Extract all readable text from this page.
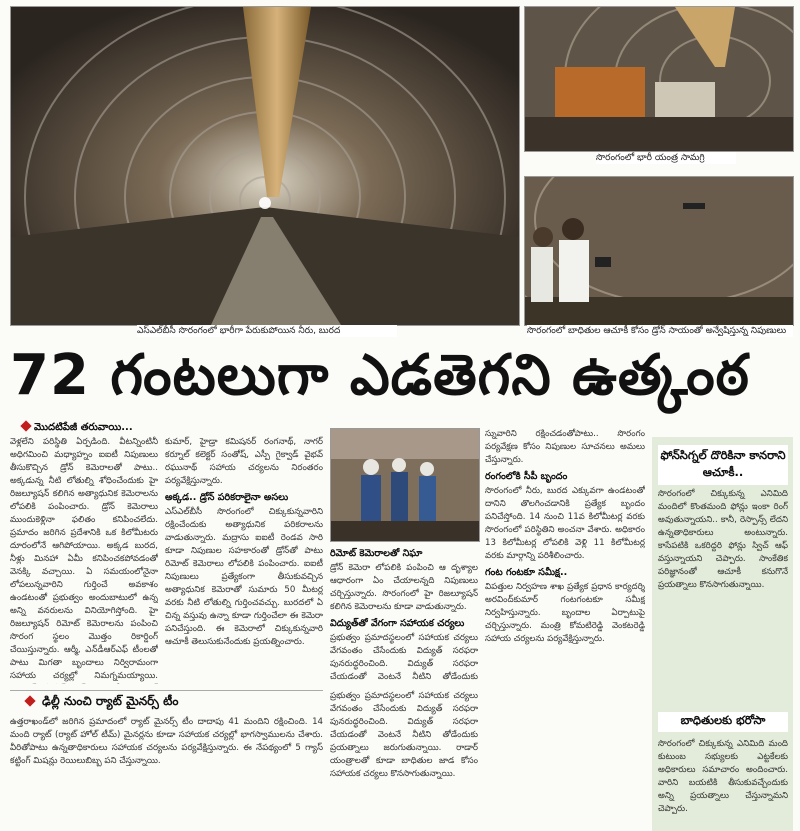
ఎస్‌ఎల్‌బీసీ సొరంగంలో భారీగా పేరుకుపోయిన నీరు, బురద
సొరంగంలో భారీ యంత్ర సామగ్రి
సొరంగంలో బాధితుల ఆచూకీ కోసం డ్రోన్ సాయంతో అన్వేషిస్తున్న నిపుణులు
72 గంటలుగా ఎడతెగని ఉత్కంఠ
మొదటిపేజీ తరువాయి...

వెళ్లలేని పరిస్థితి ఏర్పడింది. వీటన్నింటినీ అధిగమించి మధ్యాహ్నం ఐఐటీ నిపుణులు తీసుకొచ్చిన డ్రోన్ కెమెరాలతో పాటు.. అక్కడున్న నీటి లోతుల్ని శోధించేందుకు హై రిజల్యూషన్ కలిగిన అత్యాధునిక కెమెరాలను లోపలికి పంపించారు. డ్రోన్ కెమెరాలు ముందుకెళ్లినా ఫలితం కనిపించలేదు. ప్రమాదం జరిగిన ప్రదేశానికి ఒక కిలోమీటరు దూరంలోనే ఆగిపోయాయి. అక్కడ బురద, నీళ్లు మినహా ఏమీ కనిపించకపోవడంతో వెనక్కి వచ్చాయి. ఏ సమయంలోనైనా లోపలున్నవారిని గుర్తించే అవకాశం ఉండటంతో ప్రభుత్వం అందుబాటులో ఉన్న అన్ని వనరులను వినియోగిస్తోంది. హై రిజల్యూషన్ రిమోట్ కెమెరాలను పంపించి సొరంగ స్థలం మొత్తం రికార్డింగ్ చేయిస్తున్నారు. ఆర్మీ, ఎన్‌డీఆర్‌ఎఫ్ టీంలతో పాటు మిగతా బృందాలు నిర్విరామంగా సహాయ చర్యల్లో నిమగ్నమయ్యాయి.

కుమార్, హైడ్రా కమిషనర్ రంగనాథ్, నాగర్ కర్నూల్ కలెక్టర్ సంతోష్, ఎస్పీ గైక్వాడ్ వైభవ్ రఘునాథ్ సహాయ చర్యలను నిరంతరం పర్యవేక్షిస్తున్నారు.

అక్కడ.. డ్రోన్ పరికరాలైనా అసలు

ఎస్‌ఎల్‌బీసీ సొరంగంలో చిక్కుకున్నవారిని రక్షించేందుకు అత్యాధునిక పరికరాలను వాడుతున్నారు. మద్రాసు ఐఐటీ రెండవ సారి కూడా నిపుణుల సహకారంతో డ్రోన్‌తో పాటు రిమోట్ కెమెరాలు లోపలికి పంపించారు. ఐఐటీ నిపుణులు ప్రత్యేకంగా తీసుకువచ్చిన అత్యాధునిక కెమెరాతో సుమారు 50 మీటర్ల వరకు నీటి లోతుల్ని గుర్తించవచ్చు. బురదలో ఏ చిన్న వస్తువు ఉన్నా కూడా గుర్తించేలా ఈ కెమెరా పనిచేస్తుంది. ఈ కెమెరాలో చిక్కుకున్నవారి ఆచూకీ తెలుసుకునేందుకు ప్రయత్నించారు.

రిమోట్ కెమెరాలతో నిఘా

డ్రోన్ కెమెరా లోపలికి పంపించి ఆ దృశ్యాల ఆధారంగా ఏం చేయాలన్నది నిపుణులు చర్చిస్తున్నారు. సొరంగంలో హై రిజల్యూషన్ కలిగిన కెమెరాలను కూడా వాడుతున్నారు.

విద్యుత్‌తో వేగంగా సహాయక చర్యలు

ప్రభుత్వం ప్రమాదస్థలంలో సహాయక చర్యలు వేగవంతం చేసేందుకు విద్యుత్ సరఫరా పునరుద్ధరించింది. విద్యుత్ సరఫరా చేయడంతో వెంటనే నీటిని తోడేందుకు

ప్రభుత్వం ప్రమాదస్థలంలో సహాయక చర్యలు వేగవంతం చేసేందుకు విద్యుత్ సరఫరా పునరుద్ధరించింది. విద్యుత్ సరఫరా చేయడంతో వెంటనే నీటిని తోడేందుకు ప్రయత్నాలు జరుగుతున్నాయి. రాడార్ యంత్రాలతో కూడా బాధితుల జాడ కోసం సహాయక చర్యలు కొనసాగుతున్నాయి.

స్నువారిని రక్షించడంతోపాటు.. సొరంగం పర్యవేక్షణ కోసం నిపుణుల సూచనలు అమలు చేస్తున్నారు.

రంగంలోకి సీపీ బృందం

సొరంగంలో నీరు, బురద ఎక్కువగా ఉండటంతో దానిని తొలగించడానికి ప్రత్యేక బృందం పనిచేస్తోంది. 14 నుంచి 11వ కిలోమీటర్ల వరకు సొరంగంలో పరిస్థితిని అంచనా వేశారు. అధికారం 13 కిలోమీటర్ల లోపలికి వెళ్లి 11 కిలోమీటర్ల వరకు మార్గాన్ని పరిశీలించారు.

గంట గంటకూ సమీక్ష..

విపత్తుల నిర్వహణ శాఖ ప్రత్యేక ప్రధాన కార్యదర్శి అరవింద్‌కుమార్ గంటగంటకూ సమీక్ష నిర్వహిస్తున్నారు. బృందాల ఏర్పాటుపై చర్చిస్తున్నారు. మంత్రి కోమటిరెడ్డి వెంకటరెడ్డి సహాయ చర్యలను పర్యవేక్షిస్తున్నారు.

ఢిల్లీ నుంచి ర్యాట్ మైనర్స్ టీం

ఉత్తరాఖండ్‌లో జరిగిన ప్రమాదంలో ర్యాట్ మైనర్స్ టీం దాదాపు 41 మందిని రక్షించింది. 14 మంది ర్యాట్ (ర్యాట్ హోల్ టీమ్) మైనర్లను కూడా సహాయక చర్యల్లో భాగస్వాములను చేశారు. వీరితోపాటు ఉన్నతాధికారులు సహాయక చర్యలను పర్యవేక్షిస్తున్నారు. ఈ నేపథ్యంలో 5 గ్యాస్ కట్టింగ్ మిషన్లు రెయిలుబిబ్బ పని చేస్తున్నాయి.

ఫోన్‌సిగ్నల్ దొరికినా కానరాని ఆచూకీ..

సొరంగంలో చిక్కుకున్న ఎనిమిది మందిలో కొంతమంది ఫోన్లు ఇంకా రింగ్ అవుతున్నాయని.. కానీ, రెస్పాన్స్ లేదని ఉన్నతాధికారులు అంటున్నారు. కాసేపటికి ఒకరిద్దరి ఫోన్లు స్విచ్ ఆఫ్ వస్తున్నాయని చెప్పారు. సాంకేతిక పరిజ్ఞానంతో ఆచూకీ కనుగొనే ప్రయత్నాలు కొనసాగుతున్నాయి.

బాధితులకు భరోసా

సొరంగంలో చిక్కుకున్న ఎనిమిది మంది కుటుంబ సభ్యులకు ఎట్టకేలకు అధికారులు సమాచారం అందించారు. వారిని బయటికి తీసుకువచ్చేందుకు అన్ని ప్రయత్నాలు చేస్తున్నామని చెప్పారు.
